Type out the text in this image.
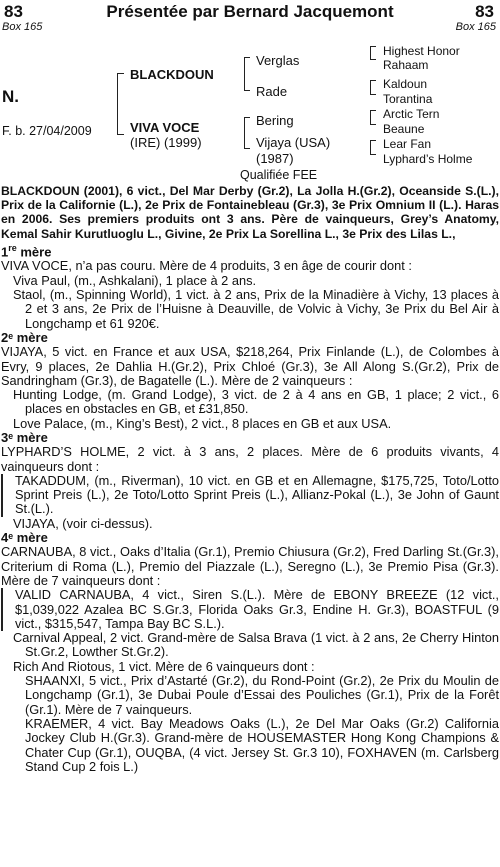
83	Présentée par Bernard Jacquemont	83
Box 165	Box 165
N.
F. b. 27/04/2009
BLACKDOUN
VIVA VOCE
(IRE) (1999)
Verglas
Rade
Bering
Vijaya (USA)
(1987)
Highest Honor
Rahaam
Kaldoun
Torantina
Arctic Tern
Beaune
Lear Fan
Lyphard’s Holme
Qualifiée FEE

BLACKDOUN (2001), 6 vict., Del Mar Derby (Gr.2), La Jolla H.(Gr.2), Oceanside S.(L.), Prix de la Californie (L.), 2e Prix de Fontainebleau (Gr.3), 3e Prix Omnium II (L.). Haras en 2006. Ses premiers produits ont 3 ans. Père de vainqueurs, Grey’s Anatomy, Kemal Sahir Kurutluoglu L., Givine, 2e Prix La Sorellina L., 3e Prix des Lilas L.,

1re mère

VIVA VOCE, n’a pas couru. Mère de 4 produits, 3 en âge de courir dont :

Viva Paul, (m., Ashkalani), 1 place à 2 ans.

Staol, (m., Spinning World), 1 vict. à 2 ans, Prix de la Minadière à Vichy, 13 places à 2 et 3 ans, 2e Prix de l’Huisne à Deauville, de Volvic à Vichy, 3e Prix du Bel Air à Longchamp et 61 920€.

2ᵉ mère

VIJAYA, 5 vict. en France et aux USA, $218,264, Prix Finlande (L.), de Colombes à Evry, 9 places, 2e Dahlia H.(Gr.2), Prix Chloé (Gr.3), 3e All Along S.(Gr.2), Prix de Sandringham (Gr.3), de Bagatelle (L.). Mère de 2 vainqueurs :

Hunting Lodge, (m. Grand Lodge), 3 vict. de 2 à 4 ans en GB, 1 place; 2 vict., 6 places en obstacles en GB, et £31,850.

Love Palace, (m., King’s Best), 2 vict., 8 places en GB et aux USA.

3ᵉ mère

LYPHARD’S HOLME, 2 vict. à 3 ans, 2 places. Mère de 6 produits vivants, 4 vainqueurs dont :

TAKADDUM, (m., Riverman), 10 vict. en GB et en Allemagne, $175,725, Toto/Lotto Sprint Preis (L.), 2e Toto/Lotto Sprint Preis (L.), Allianz-Pokal (L.), 3e John of Gaunt St.(L.).

VIJAYA, (voir ci-dessus).

4ᵉ mère

CARNAUBA, 8 vict., Oaks d’Italia (Gr.1), Premio Chiusura (Gr.2), Fred Darling St.(Gr.3), Criterium di Roma (L.), Premio del Piazzale (L.), Seregno (L.), 3e Premio Pisa (Gr.3). Mère de 7 vainqueurs dont :

VALID CARNAUBA, 4 vict., Siren S.(L.). Mère de EBONY BREEZE (12 vict., $1,039,022 Azalea BC S.Gr.3, Florida Oaks Gr.3, Endine H. Gr.3), BOASTFUL (9 vict., $315,547, Tampa Bay BC S.L.).

Carnival Appeal, 2 vict. Grand-mère de Salsa Brava (1 vict. à 2 ans, 2e Cherry Hinton St.Gr.2, Lowther St.Gr.2).

Rich And Riotous, 1 vict. Mère de 6 vainqueurs dont :

SHAANXI, 5 vict., Prix d’Astarté (Gr.2), du Rond-Point (Gr.2), 2e Prix du Moulin de Longchamp (Gr.1), 3e Dubai Poule d’Essai des Pouliches (Gr.1), Prix de la Forêt (Gr.1). Mère de 7 vainqueurs.

KRAEMER, 4 vict. Bay Meadows Oaks (L.), 2e Del Mar Oaks (Gr.2) California Jockey Club H.(Gr.3). Grand-mère de HOUSEMASTER Hong Kong Champions & Chater Cup (Gr.1), OUQBA, (4 vict. Jersey St. Gr.3 10), FOXHAVEN (m. Carlsberg Stand Cup 2 fois L.)
